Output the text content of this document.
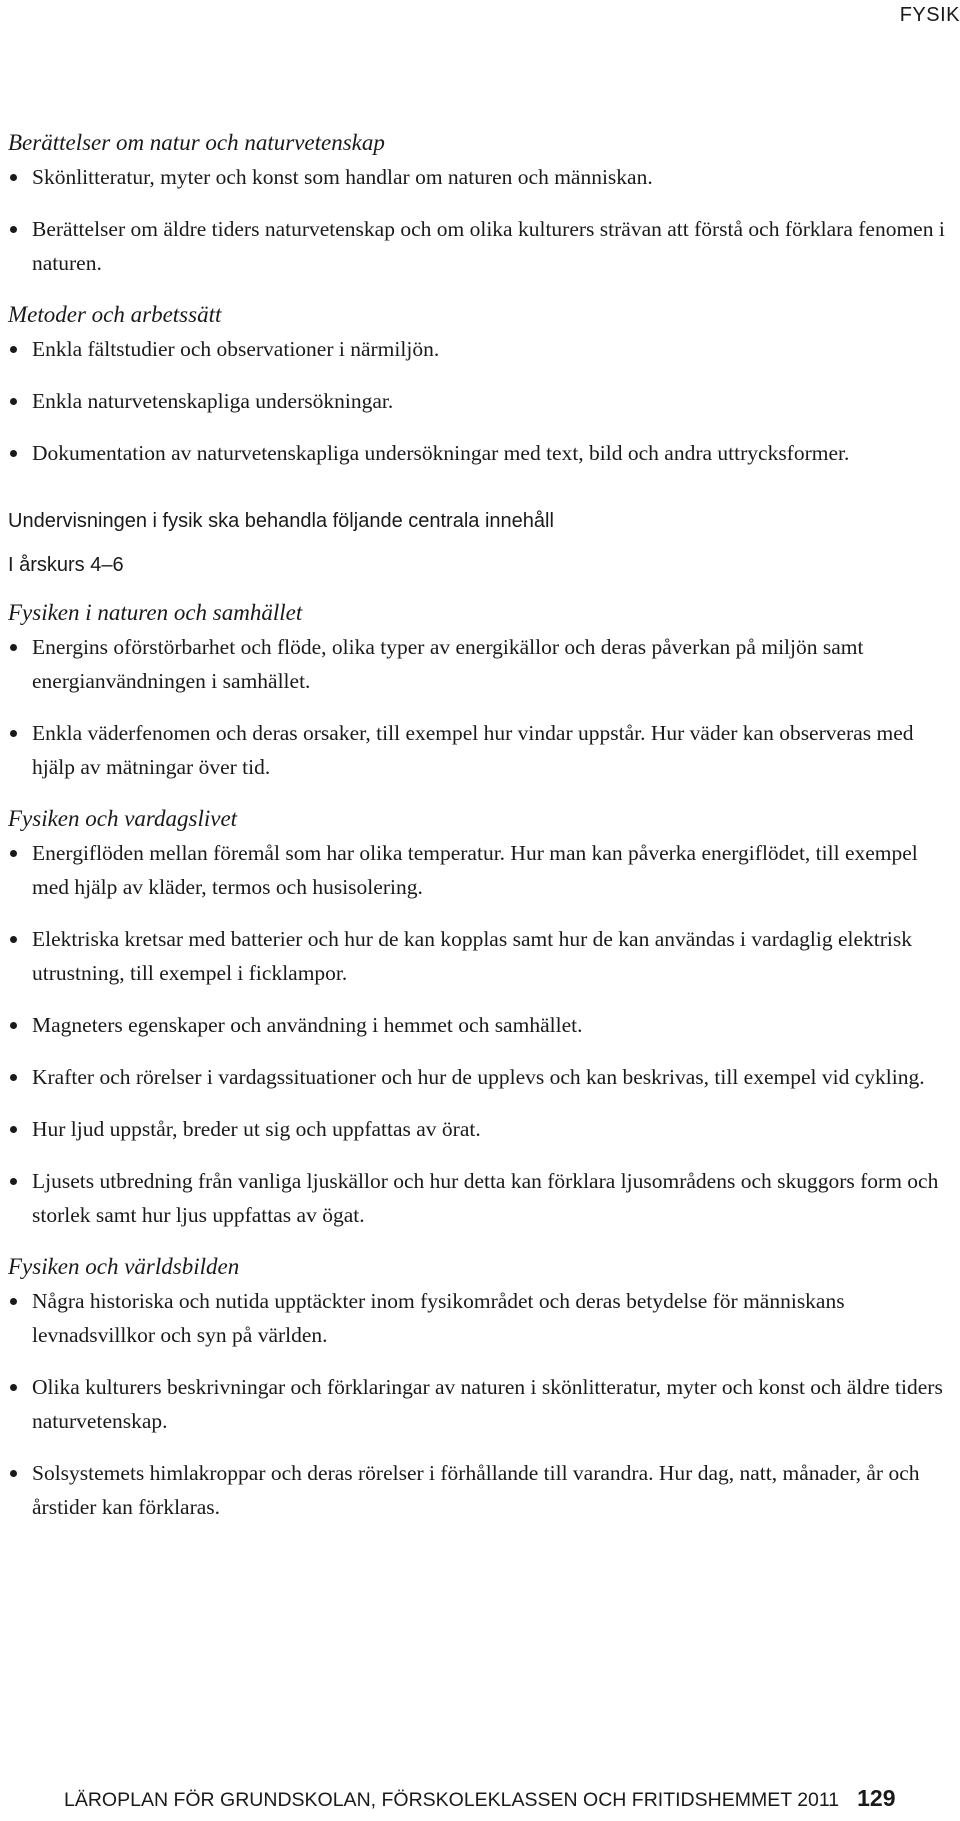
FYSIK

Berättelser om natur och naturvetenskap

Skönlitteratur, myter och konst som handlar om naturen och människan.
Berättelser om äldre tiders naturvetenskap och om olika kulturers strävan att förstå och förklara fenomen i naturen.

Metoder och arbetssätt

Enkla fältstudier och observationer i närmiljön.
Enkla naturvetenskapliga undersökningar.
Dokumentation av naturvetenskapliga undersökningar med text, bild och andra uttrycksformer.

Undervisningen i fysik ska behandla följande centrala innehåll

I årskurs 4–6

Fysiken i naturen och samhället

Energins oförstörbarhet och flöde, olika typer av energikällor och deras påverkan på miljön samt energianvändningen i samhället.
Enkla väderfenomen och deras orsaker, till exempel hur vindar uppstår. Hur väder kan observeras med hjälp av mätningar över tid.

Fysiken och vardagslivet

Energiflöden mellan föremål som har olika temperatur. Hur man kan påverka energiflödet, till exempel med hjälp av kläder, termos och husisolering.
Elektriska kretsar med batterier och hur de kan kopplas samt hur de kan användas i vardaglig elektrisk utrustning, till exempel i ficklampor.
Magneters egenskaper och användning i hemmet och samhället.
Krafter och rörelser i vardagssituationer och hur de upplevs och kan beskrivas, till exempel vid cykling.
Hur ljud uppstår, breder ut sig och uppfattas av örat.
Ljusets utbredning från vanliga ljuskällor och hur detta kan förklara ljusområdens och skuggors form och storlek samt hur ljus uppfattas av ögat.

Fysiken och världsbilden

Några historiska och nutida upptäckter inom fysikområdet och deras betydelse för människans levnadsvillkor och syn på världen.
Olika kulturers beskrivningar och förklaringar av naturen i skönlitteratur, myter och konst och äldre tiders naturvetenskap.
Solsystemets himlakroppar och deras rörelser i förhållande till varandra. Hur dag, natt, månader, år och årstider kan förklaras.
LÄROPLAN FÖR GRUNDSKOLAN, FÖRSKOLEKLASSEN OCH FRITIDSHEMMET 2011 129
